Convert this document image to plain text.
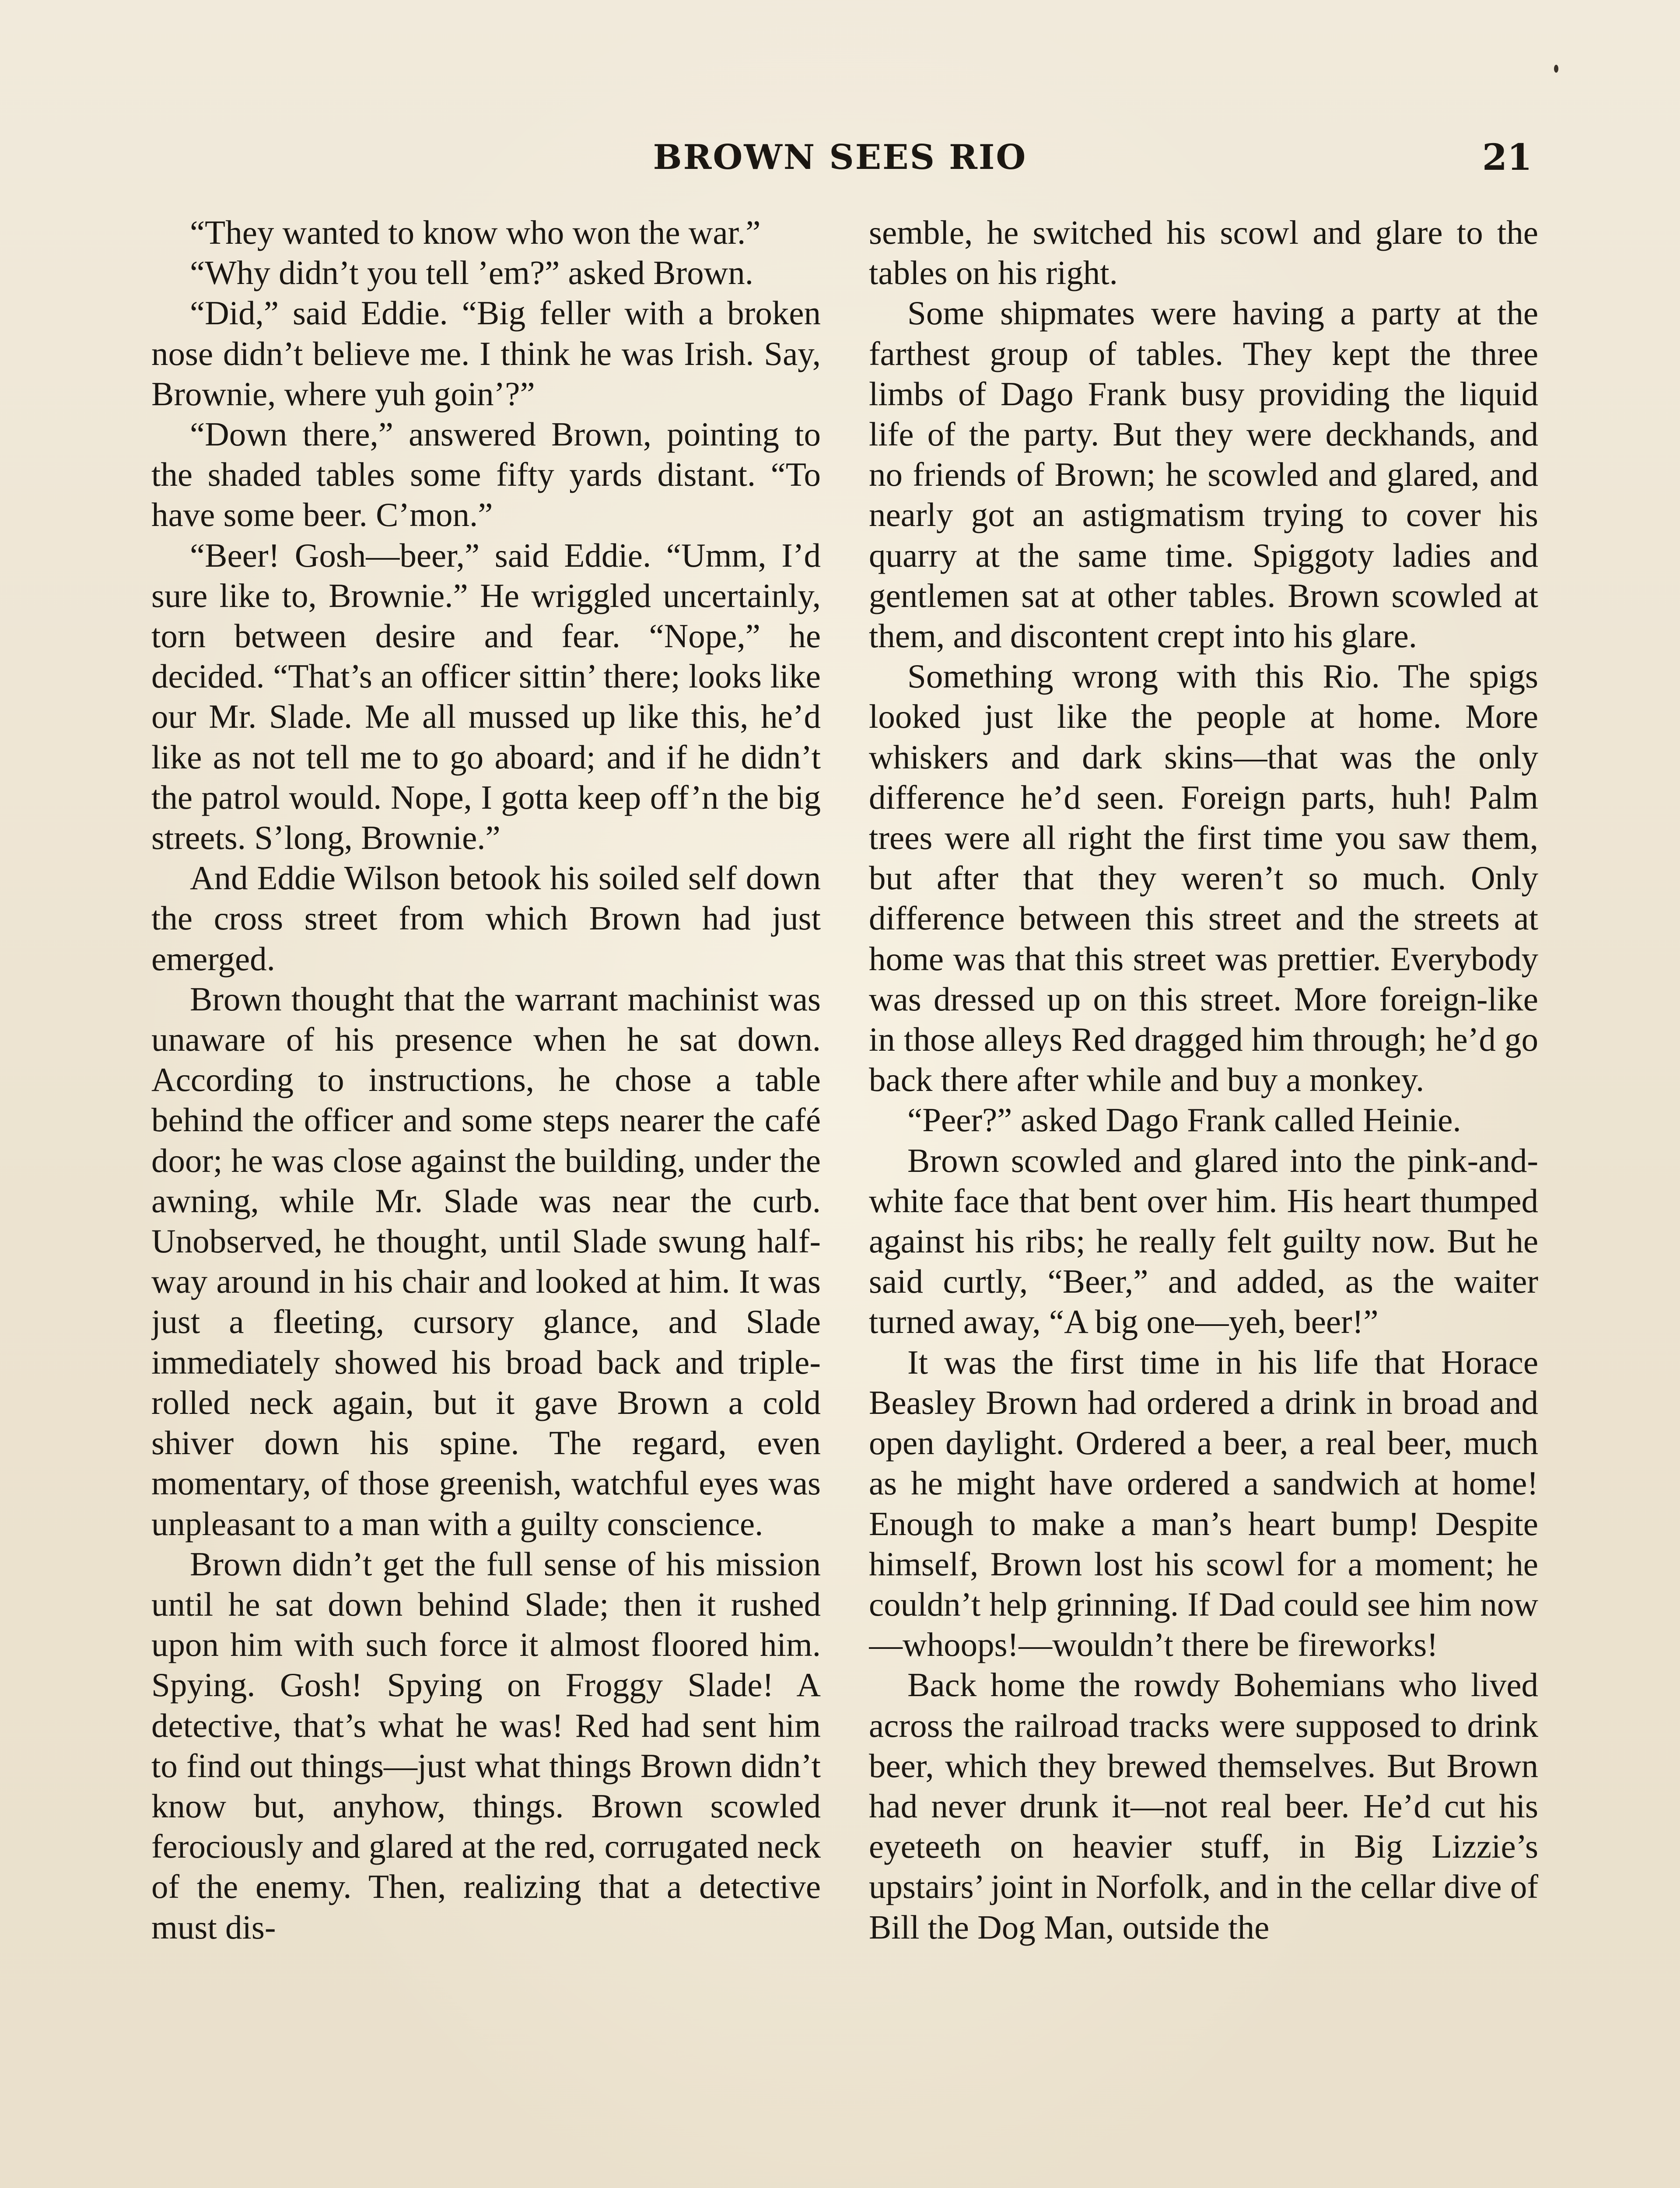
BROWN SEES RIO	21

“They wanted to know who won the war.”

“Why didn’t you tell ’em?” asked Brown.

“Did,” said Eddie. “Big feller with a broken nose didn’t believe me. I think he was Irish. Say, Brownie, where yuh goin’?”

“Down there,” answered Brown, pointing to the shaded tables some fifty yards distant. “To have some beer. C’mon.”

“Beer! Gosh—beer,” said Eddie. “Umm, I’d sure like to, Brownie.” He wriggled uncertainly, torn between desire and fear. “Nope,” he decided. “That’s an officer sittin’ there; looks like our Mr. Slade. Me all mussed up like this, he’d like as not tell me to go aboard; and if he didn’t the patrol would. Nope, I gotta keep off’n the big streets. S’long, Brownie.”

And Eddie Wilson betook his soiled self down the cross street from which Brown had just emerged.

Brown thought that the warrant machinist was unaware of his presence when he sat down. According to instructions, he chose a table behind the officer and some steps nearer the café door; he was close against the building, under the awning, while Mr. Slade was near the curb. Unobserved, he thought, until Slade swung half-way around in his chair and looked at him. It was just a fleeting, cursory glance, and Slade immediately showed his broad back and triple-rolled neck again, but it gave Brown a cold shiver down his spine. The regard, even momentary, of those greenish, watchful eyes was unpleasant to a man with a guilty conscience.

Brown didn’t get the full sense of his mission until he sat down behind Slade; then it rushed upon him with such force it almost floored him. Spying. Gosh! Spying on Froggy Slade! A detective, that’s what he was! Red had sent him to find out things—just what things Brown didn’t know but, anyhow, things. Brown scowled ferociously and glared at the red, corrugated neck of the enemy. Then, realizing that a detective must dis-

semble, he switched his scowl and glare to the tables on his right.

Some shipmates were having a party at the farthest group of tables. They kept the three limbs of Dago Frank busy providing the liquid life of the party. But they were deckhands, and no friends of Brown; he scowled and glared, and nearly got an astigmatism trying to cover his quarry at the same time. Spiggoty ladies and gentlemen sat at other tables. Brown scowled at them, and discontent crept into his glare.

Something wrong with this Rio. The spigs looked just like the people at home. More whiskers and dark skins—that was the only difference he’d seen. Foreign parts, huh! Palm trees were all right the first time you saw them, but after that they weren’t so much. Only difference between this street and the streets at home was that this street was prettier. Everybody was dressed up on this street. More foreign-like in those alleys Red dragged him through; he’d go back there after while and buy a monkey.

“Peer?” asked Dago Frank called Heinie.

Brown scowled and glared into the pink-and-white face that bent over him. His heart thumped against his ribs; he really felt guilty now. But he said curtly, “Beer,” and added, as the waiter turned away, “A big one—yeh, beer!”

It was the first time in his life that Horace Beasley Brown had ordered a drink in broad and open daylight. Ordered a beer, a real beer, much as he might have ordered a sandwich at home! Enough to make a man’s heart bump! Despite himself, Brown lost his scowl for a moment; he couldn’t help grinning. If Dad could see him now—whoops!—wouldn’t there be fireworks!

Back home the rowdy Bohemians who lived across the railroad tracks were supposed to drink beer, which they brewed themselves. But Brown had never drunk it—not real beer. He’d cut his eyeteeth on heavier stuff, in Big Lizzie’s upstairs’ joint in Norfolk, and in the cellar dive of Bill the Dog Man, outside the
